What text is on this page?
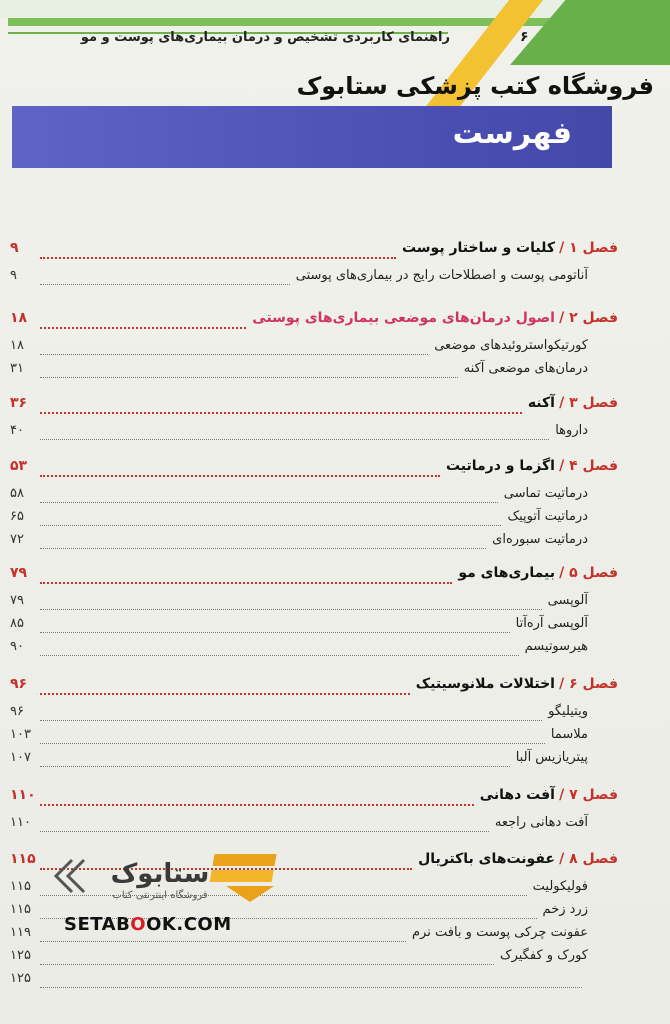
راهنمای کاربردی تشخیص و درمان بیماری‌های پوست و مو	۶
فروشگاه کتب پزشکی ستابوک
فهرست
۹	فصل ۱ / کلیات و ساختار پوست
۹	آناتومی پوست و اصطلاحات رایج در بیماری‌های پوستی
۱۸	فصل ۲ / اصول درمان‌های موضعی بیماری‌های پوستی
۱۸	کورتیکواستروئیدهای موضعی
۳۱	درمان‌های موضعی آکنه
۳۶	فصل ۳ / آکنه
۴۰	داروها
۵۳	فصل ۴ / اگزما و درماتیت
۵۸	درماتیت تماسی
۶۵	درماتیت آتوپیک
۷۲	درماتیت سبوره‌ای
۷۹	فصل ۵ / بیماری‌های مو
۷۹	آلوپسی
۸۵	آلوپسی آره‌آتا
۹۰	هیرسوتیسم
۹۶	فصل ۶ / اختلالات ملانوسیتیک
۹۶	ویتیلیگو
۱۰۳	ملاسما
۱۰۷	پیتریازیس آلبا
۱۱۰	فصل ۷ / آفت دهانی
۱۱۰	آفت دهانی راجعه
۱۱۵	فصل ۸ / عفونت‌های باکتریال
۱۱۵	فولیکولیت
۱۱۵	زرد زخم
۱۱۹	عفونت چرکی پوست و بافت نرم
۱۲۵	کورک و کفگیرک
۱۲۵
ستابوک
فروشگاه اینترنتی کتاب
SETABOOK.COM
